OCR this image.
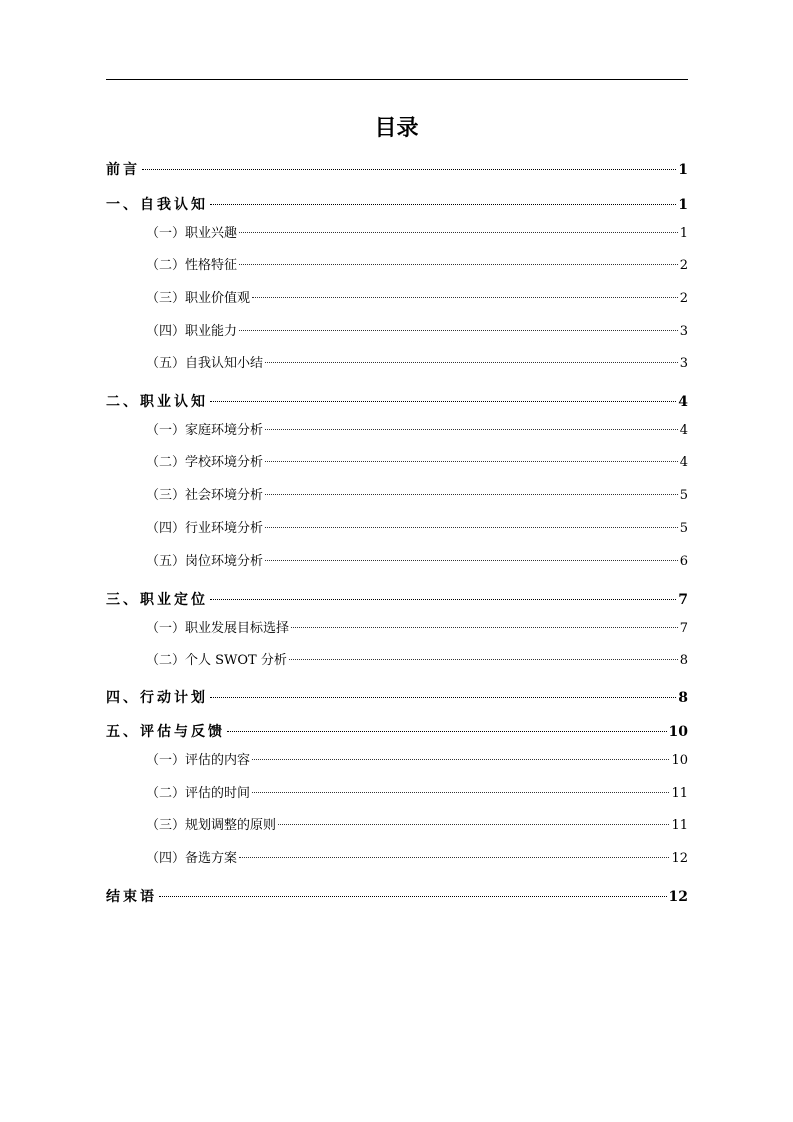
目录
前言	1
一、自我认知	1
（一）职业兴趣	1
（二）性格特征	2
（三）职业价值观	2
（四）职业能力	3
（五）自我认知小结	3
二、职业认知	4
（一）家庭环境分析	4
（二）学校环境分析	4
（三）社会环境分析	5
（四）行业环境分析	5
（五）岗位环境分析	6
三、职业定位	7
（一）职业发展目标选择	7
（二）个人 SWOT 分析	8
四、行动计划	8
五、评估与反馈	10
（一）评估的内容	10
（二）评估的时间	11
（三）规划调整的原则	11
（四）备选方案	12
结束语	12
